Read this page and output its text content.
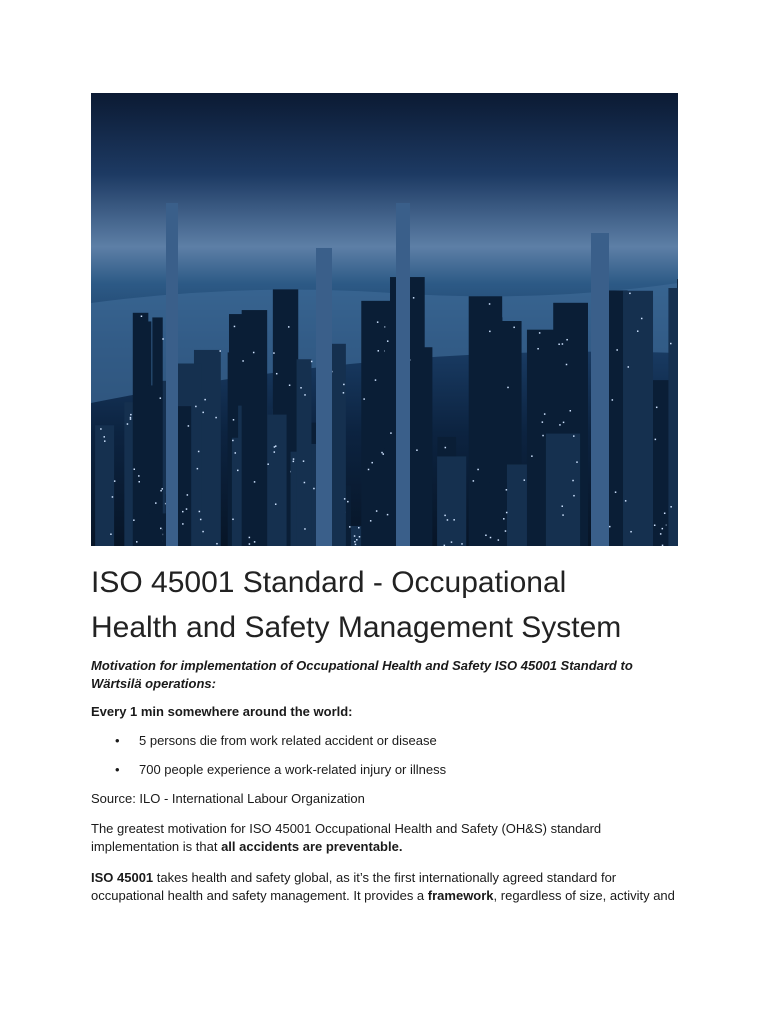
ISO 45001 Standard - Occupational
Health and Safety Management System

Motivation for implementation of Occupational Health and Safety ISO 45001 Standard to Wärtsilä operations:

Every 1 min somewhere around the world:

• 5 persons die from work related accident or disease
• 700 people experience a work-related injury or illness

Source: ILO - International Labour Organization

The greatest motivation for ISO 45001 Occupational Health and Safety (OH&S) standard implementation is that all accidents are preventable.

ISO 45001 takes health and safety global, as it’s the first internationally agreed standard for occupational health and safety management. It provides a framework, regardless of size, activity and
